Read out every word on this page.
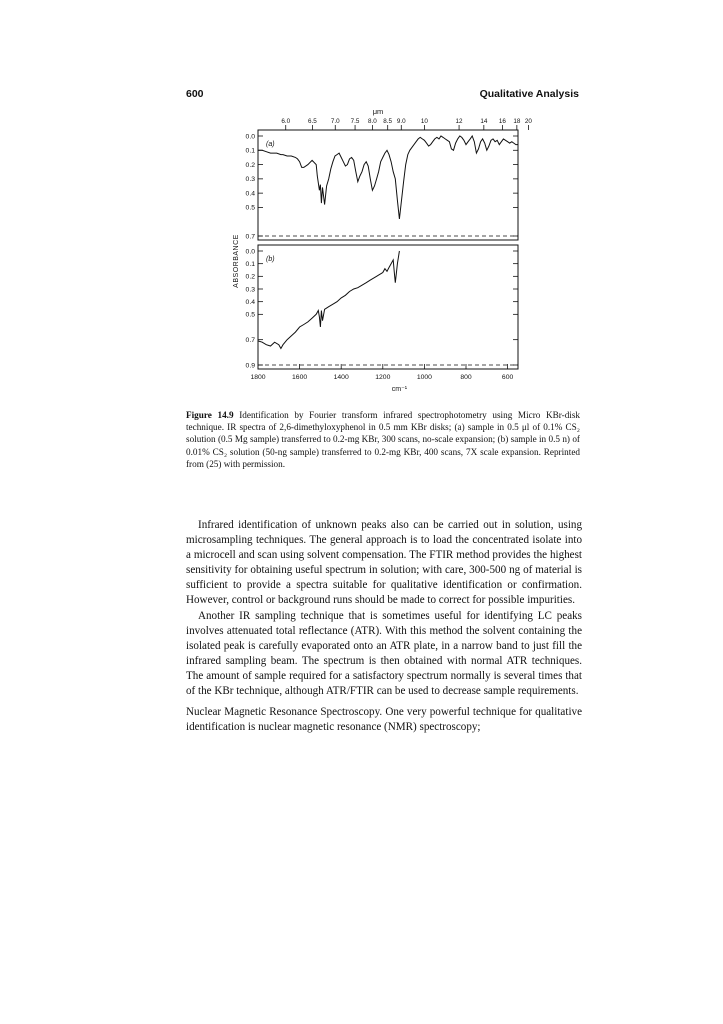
600	Qualitative Analysis
μm
6.0	6.5 7.0 7.5 8.0 8.5 9.0 10	12	14 16 18 20
(a)
0.0
0.1
0.2
0.3
0.4
0.5
0.7
(b)
0.0
0.1
0.2
0.3
0.4
0.5
0.7
0.9
ABSORBANCE
1800	1600	1400	1200	1000	800	600
cm⁻¹
Figure 14.9 Identification by Fourier transform infrared spectrophotometry using Micro KBr-disk technique. IR spectra of 2,6-dimethyloxyphenol in 0.5 mm KBr disks; (a) sample in 0.5 μl of 0.1% CS₂ solution (0.5 Mg sample) transferred to 0.2-mg KBr, 300 scans, no-scale expansion; (b) sample in 0.5 n) of 0.01% CS₂ solution (50-ng sample) transferred to 0.2-mg KBr, 400 scans, 7X scale expansion. Reprinted from (25) with permission.

Infrared identification of unknown peaks also can be carried out in solution, using microsampling techniques. The general approach is to load the concentrated isolate into a microcell and scan using solvent compensation. The FTIR method provides the highest sensitivity for obtaining useful spectrum in solution; with care, 300-500 ng of material is sufficient to provide a spectra suitable for qualitative identification or confirmation. However, control or background runs should be made to correct for possible impurities.

Another IR sampling technique that is sometimes useful for identifying LC peaks involves attenuated total reflectance (ATR). With this method the solvent containing the isolated peak is carefully evaporated onto an ATR plate, in a narrow band to just fill the infrared sampling beam. The spectrum is then obtained with normal ATR techniques. The amount of sample required for a satisfactory spectrum normally is several times that of the KBr technique, although ATR/FTIR can be used to decrease sample requirements.

Nuclear Magnetic Resonance Spectroscopy. One very powerful technique for qualitative identification is nuclear magnetic resonance (NMR) spectroscopy;
